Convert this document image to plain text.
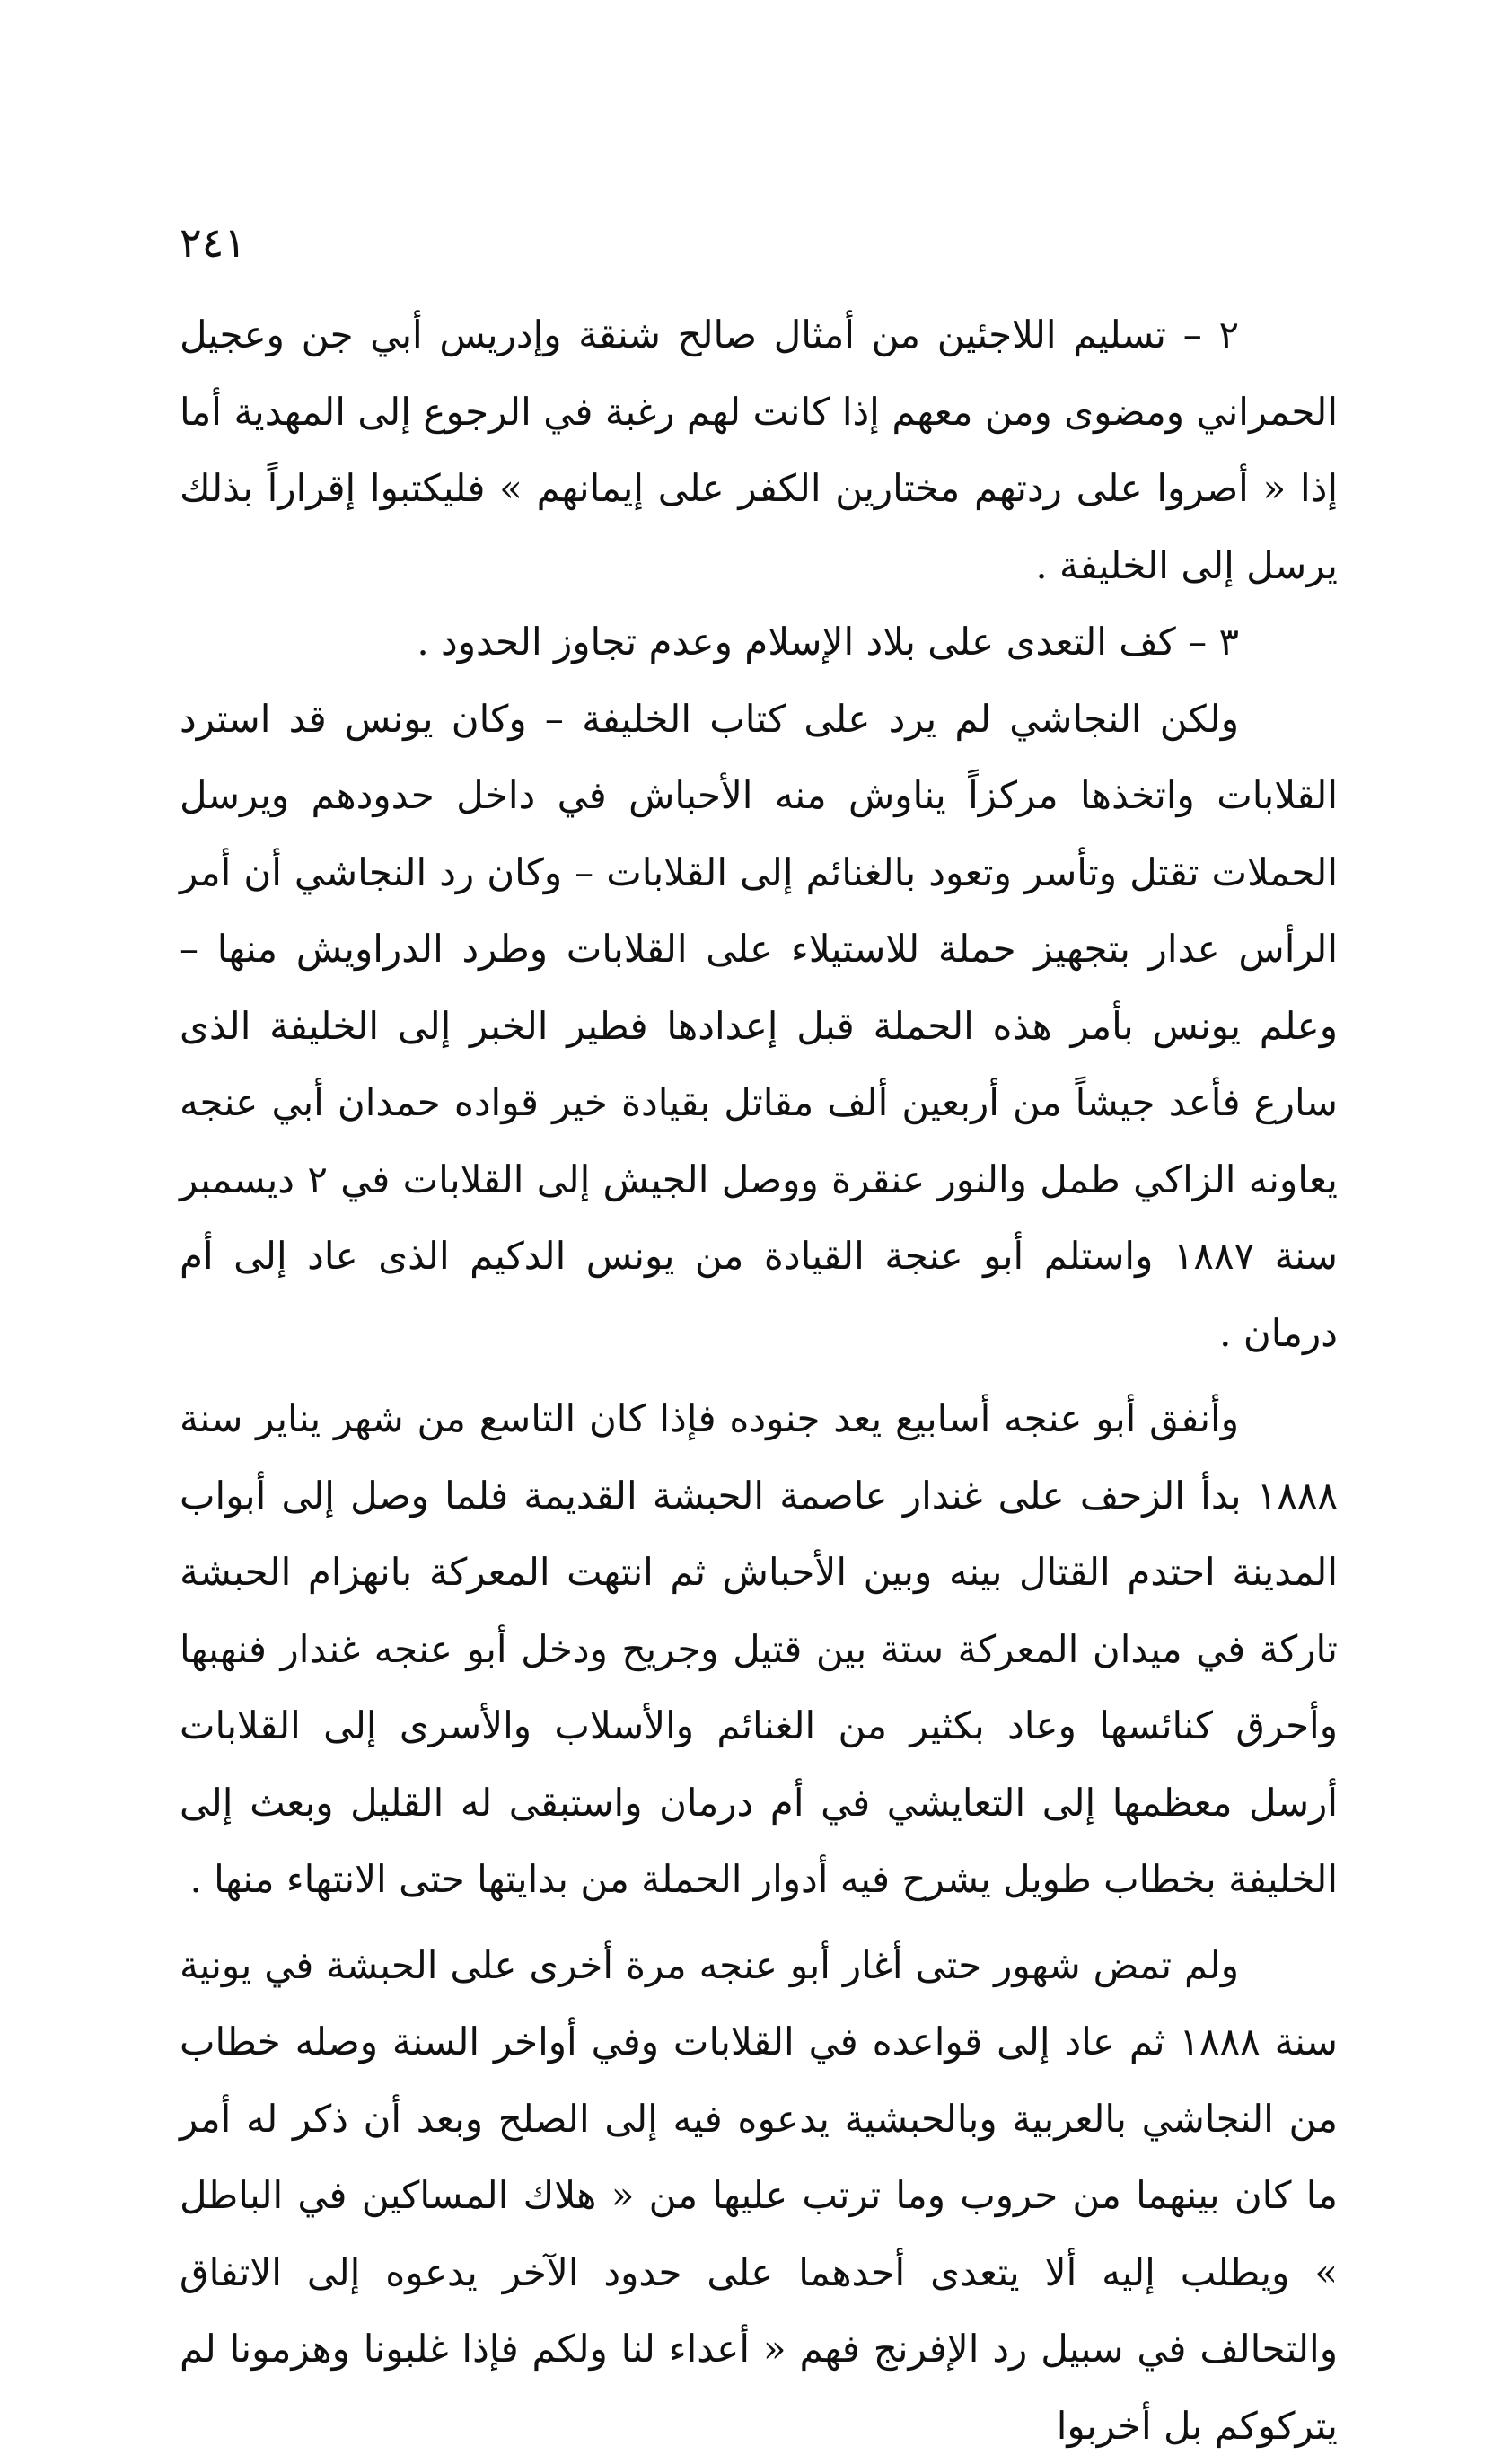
٢٤١

٢ – تسليم اللاجئين من أمثال صالح شنقة وإدريس أبي جن وعجيل الحمراني ومضوى ومن معهم إذا كانت لهم رغبة في الرجوع إلى المهدية أما إذا « أصروا على ردتهم مختارين الكفر على إيمانهم » فليكتبوا إقراراً بذلك يرسل إلى الخليفة .

٣ – كف التعدى على بلاد الإسلام وعدم تجاوز الحدود .

ولكن النجاشي لم يرد على كتاب الخليفة – وكان يونس قد استرد القلابات واتخذها مركزاً يناوش منه الأحباش في داخل حدودهم ويرسل الحملات تقتل وتأسر وتعود بالغنائم إلى القلابات – وكان رد النجاشي أن أمر الرأس عدار بتجهيز حملة للاستيلاء على القلابات وطرد الدراويش منها – وعلم يونس بأمر هذه الحملة قبل إعدادها فطير الخبر إلى الخليفة الذى سارع فأعد جيشاً من أربعين ألف مقاتل بقيادة خير قواده حمدان أبي عنجه يعاونه الزاكي طمل والنور عنقرة ووصل الجيش إلى القلابات في ٢ ديسمبر سنة ١٨٨٧ واستلم أبو عنجة القيادة من يونس الدكيم الذى عاد إلى أم درمان .

وأنفق أبو عنجه أسابيع يعد جنوده فإذا كان التاسع من شهر يناير سنة ١٨٨٨ بدأ الزحف على غندار عاصمة الحبشة القديمة فلما وصل إلى أبواب المدينة احتدم القتال بينه وبين الأحباش ثم انتهت المعركة بانهزام الحبشة تاركة في ميدان المعركة ستة بين قتيل وجريح ودخل أبو عنجه غندار فنهبها وأحرق كنائسها وعاد بكثير من الغنائم والأسلاب والأسرى إلى القلابات أرسل معظمها إلى التعايشي في أم درمان واستبقى له القليل وبعث إلى الخليفة بخطاب طويل يشرح فيه أدوار الحملة من بدايتها حتى الانتهاء منها .

ولم تمض شهور حتى أغار أبو عنجه مرة أخرى على الحبشة في يونية سنة ١٨٨٨ ثم عاد إلى قواعده في القلابات وفي أواخر السنة وصله خطاب من النجاشي بالعربية وبالحبشية يدعوه فيه إلى الصلح وبعد أن ذكر له أمر ما كان بينهما من حروب وما ترتب عليها من « هلاك المساكين في الباطل » ويطلب إليه ألا يتعدى أحدهما على حدود الآخر يدعوه إلى الاتفاق والتحالف في سبيل رد الإفرنج فهم « أعداء لنا ولكم فإذا غلبونا وهزمونا لم يتركوكم بل أخربوا
